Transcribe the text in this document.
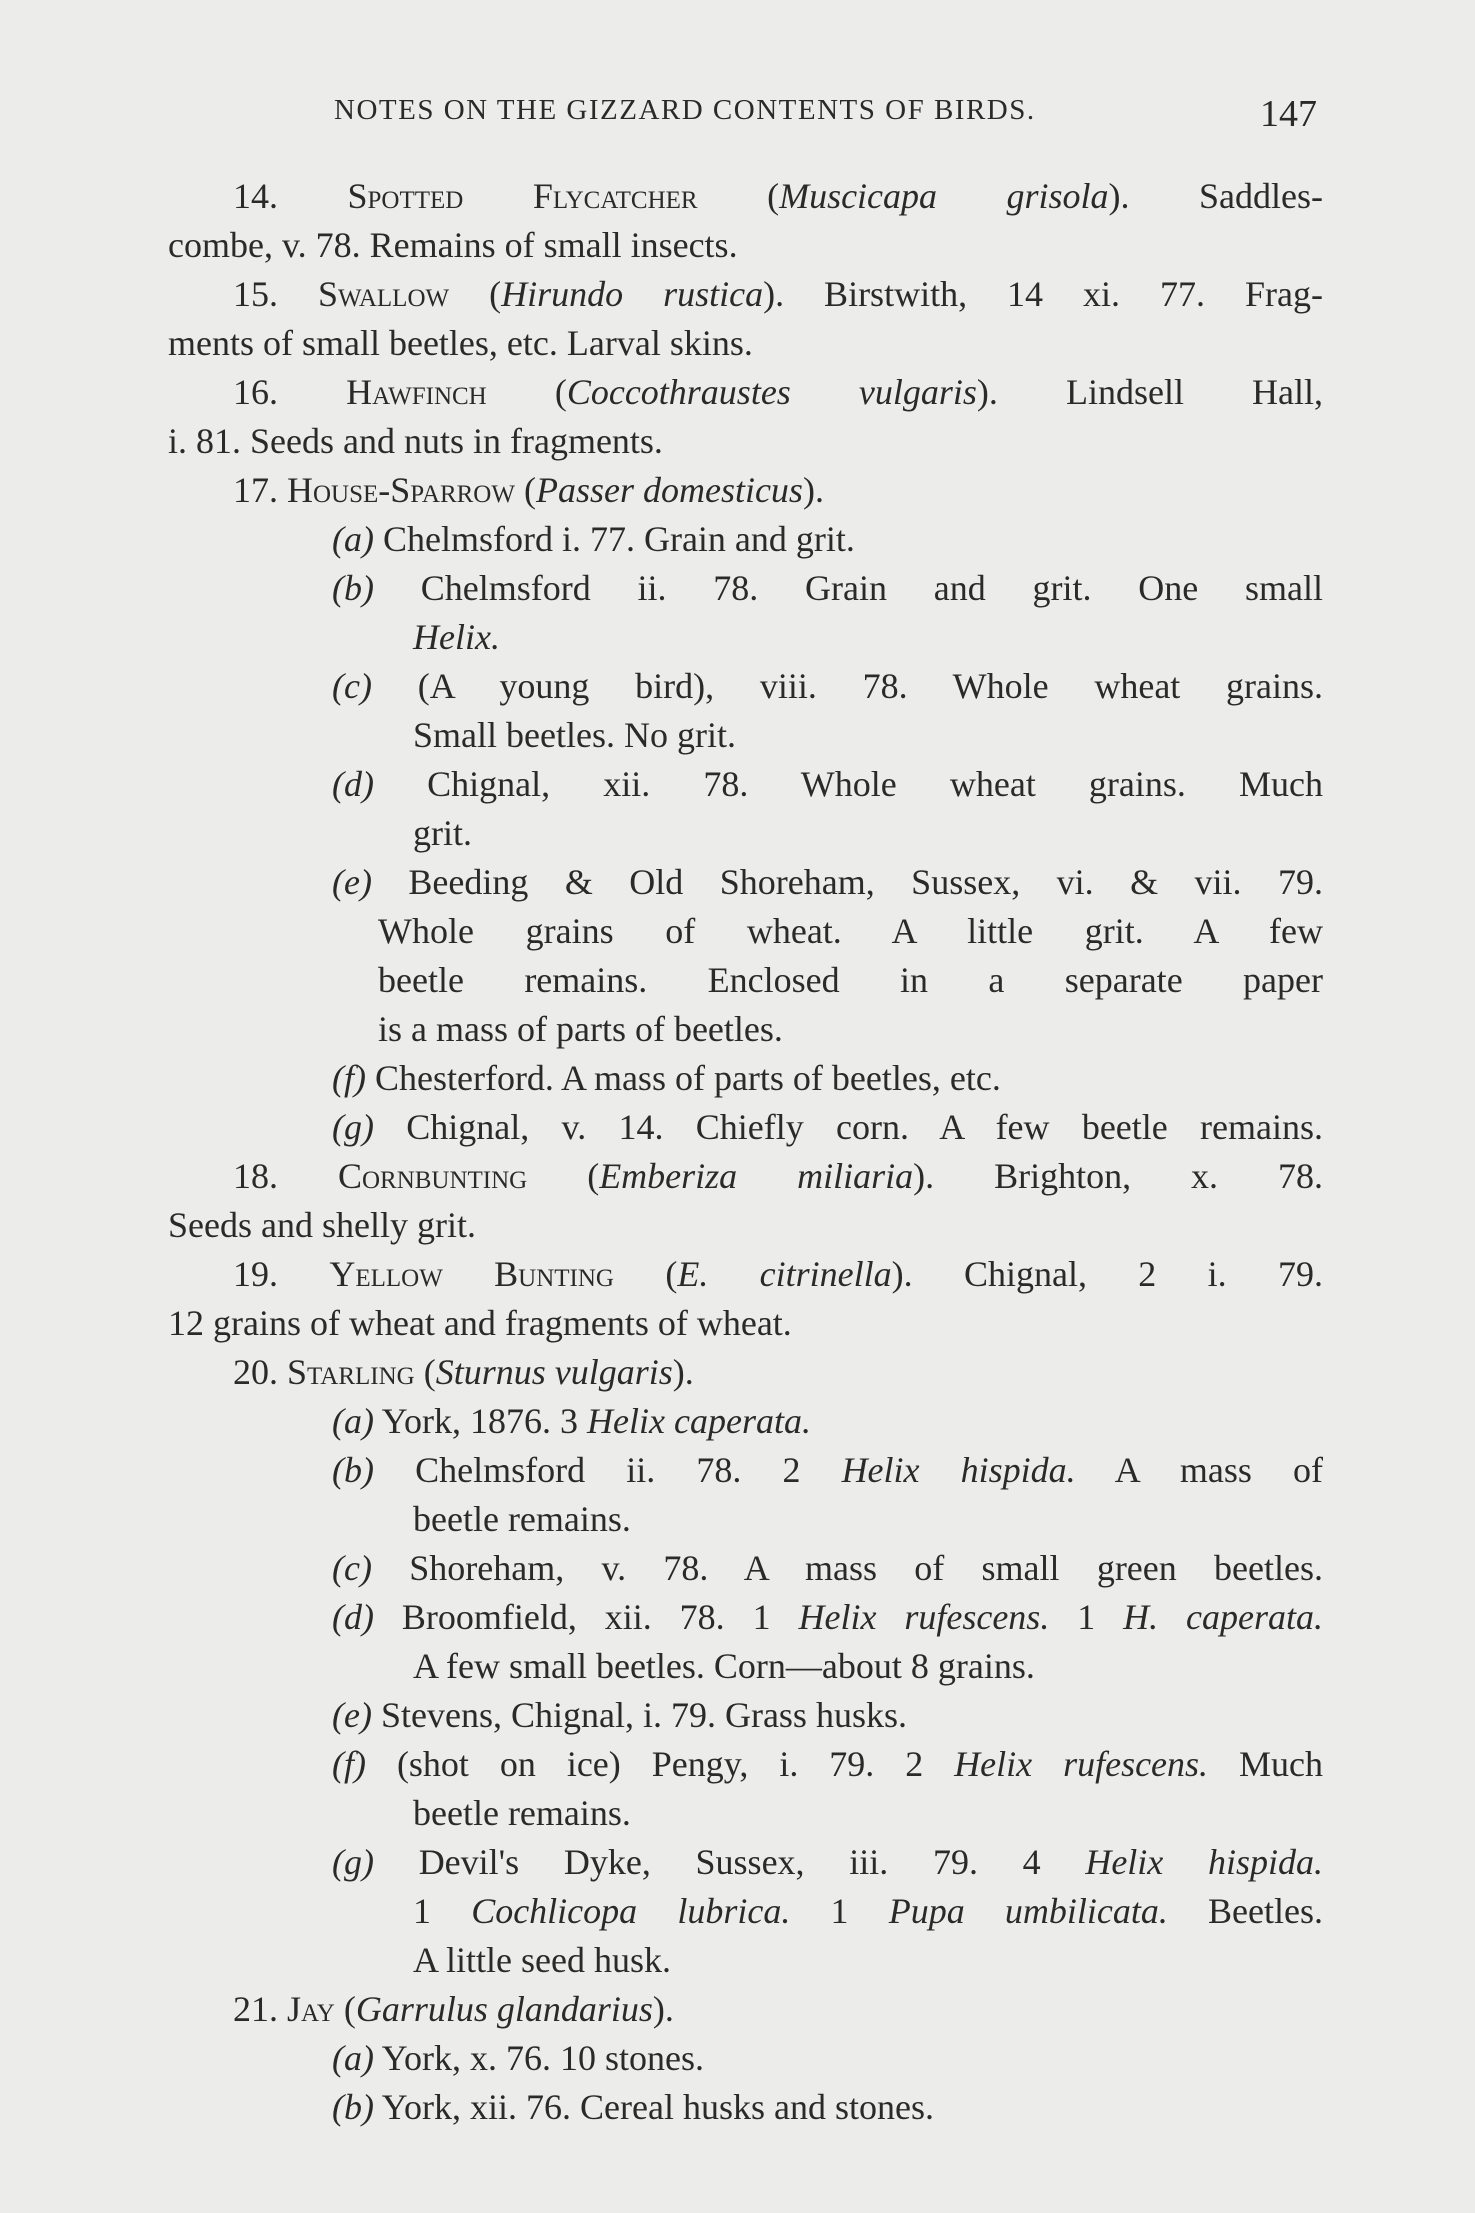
NOTES ON THE GIZZARD CONTENTS OF BIRDS.	147
14. Spotted Flycatcher (Muscicapa grisola). Saddles-
combe, v. 78. Remains of small insects.
15. Swallow (Hirundo rustica). Birstwith, 14 xi. 77. Frag-
ments of small beetles, etc. Larval skins.
16. Hawfinch (Coccothraustes vulgaris). Lindsell Hall,
i. 81. Seeds and nuts in fragments.
17. House-Sparrow (Passer domesticus).
(a) Chelmsford i. 77. Grain and grit.
(b) Chelmsford ii. 78. Grain and grit. One small
Helix.
(c) (A young bird), viii. 78. Whole wheat grains.
Small beetles. No grit.
(d) Chignal, xii. 78. Whole wheat grains. Much
grit.
(e) Beeding & Old Shoreham, Sussex, vi. & vii. 79.
Whole grains of wheat. A little grit. A few
beetle remains. Enclosed in a separate paper
is a mass of parts of beetles.
(f) Chesterford. A mass of parts of beetles, etc.
(g) Chignal, v. 14. Chiefly corn. A few beetle remains.
18. Cornbunting (Emberiza miliaria). Brighton, x. 78.
Seeds and shelly grit.
19. Yellow Bunting (E. citrinella). Chignal, 2 i. 79.
12 grains of wheat and fragments of wheat.
20. Starling (Sturnus vulgaris).
(a) York, 1876. 3 Helix caperata.
(b) Chelmsford ii. 78. 2 Helix hispida. A mass of
beetle remains.
(c) Shoreham, v. 78. A mass of small green beetles.
(d) Broomfield, xii. 78. 1 Helix rufescens. 1 H. caperata.
A few small beetles. Corn—about 8 grains.
(e) Stevens, Chignal, i. 79. Grass husks.
(f) (shot on ice) Pengy, i. 79. 2 Helix rufescens. Much
beetle remains.
(g) Devil's Dyke, Sussex, iii. 79. 4 Helix hispida.
1 Cochlicopa lubrica. 1 Pupa umbilicata. Beetles.
A little seed husk.
21. Jay (Garrulus glandarius).
(a) York, x. 76. 10 stones.
(b) York, xii. 76. Cereal husks and stones.
